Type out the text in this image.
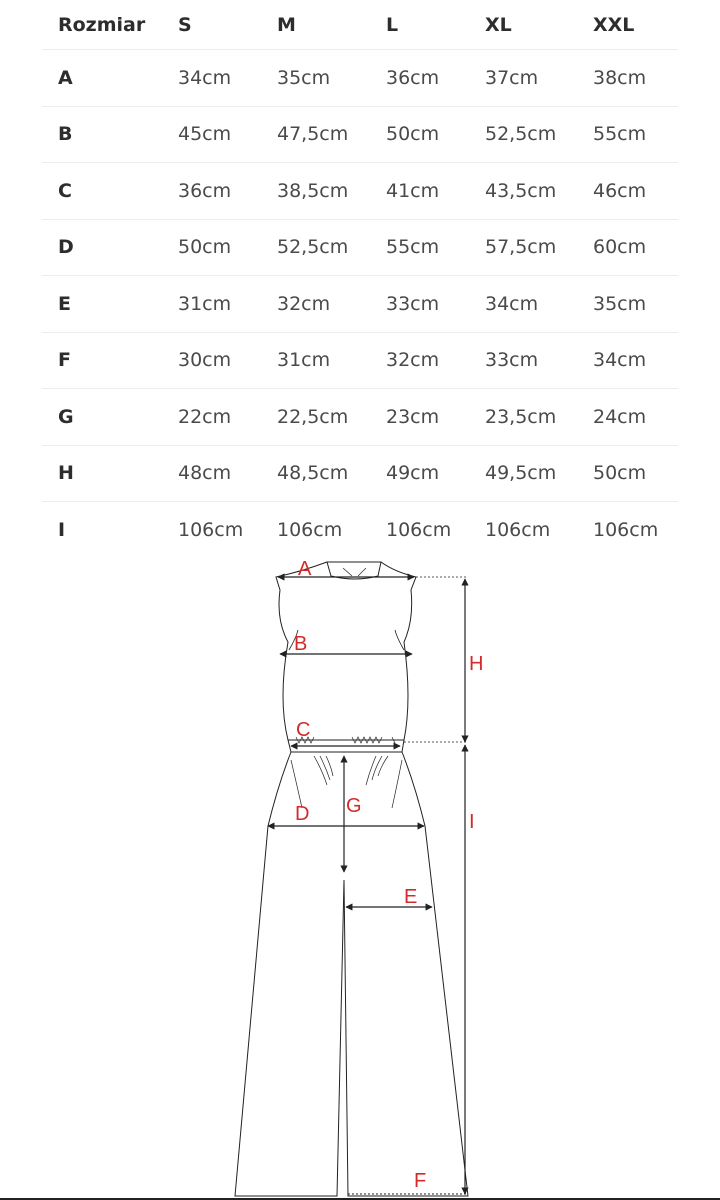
Rozmiar	S	M	L	XL	XXL
A	34cm	35cm	36cm	37cm	38cm
B	45cm	47,5cm	50cm	52,5cm	55cm
C	36cm	38,5cm	41cm	43,5cm	46cm
D	50cm	52,5cm	55cm	57,5cm	60cm
E	31cm	32cm	33cm	34cm	35cm
F	30cm	31cm	32cm	33cm	34cm
G	22cm	22,5cm	23cm	23,5cm	24cm
H	48cm	48,5cm	49cm	49,5cm	50cm
I	106cm	106cm	106cm	106cm	106cm
A
B
C
D G
E
H
I
F
